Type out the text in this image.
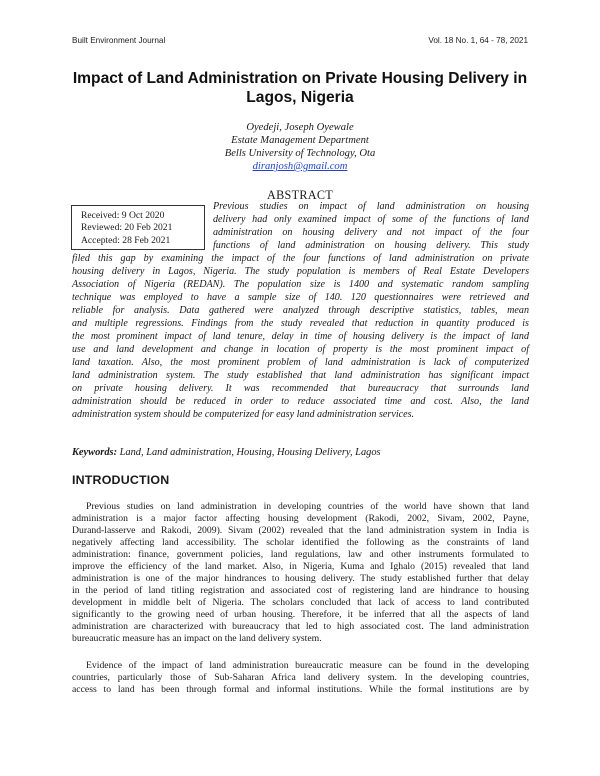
Built Environment Journal	Vol. 18 No. 1, 64 - 78, 2021
Impact of Land Administration on Private Housing Delivery in Lagos, Nigeria
Oyedeji, Joseph Oyewale
Estate Management Department
Bells University of Technology, Ota
diranjosh@gmail.com
ABSTRACT
Received: 9 Oct 2020
Reviewed: 20 Feb 2021
Accepted: 28 Feb 2021
Previous studies on impact of land administration on housing
delivery had only examined impact of some of the functions of land
administration on housing delivery and not impact of the four
functions of land administration on housing delivery. This study
filed this gap by examining the impact of the four functions of land administration on private
housing delivery in Lagos, Nigeria. The study population is members of Real Estate Developers
Association of Nigeria (REDAN). The population size is 1400 and systematic random sampling
technique was employed to have a sample size of 140. 120 questionnaires were retrieved and
reliable for analysis. Data gathered were analyzed through descriptive statistics, tables, mean
and multiple regressions. Findings from the study revealed that reduction in quantity produced is
the most prominent impact of land tenure, delay in time of housing delivery is the impact of land
use and land development and change in location of property is the most prominent impact of
land taxation. Also, the most prominent problem of land administration is lack of computerized
land administration system. The study established that land administration has significant impact
on private housing delivery. It was recommended that bureaucracy that surrounds land
administration should be reduced in order to reduce associated time and cost. Also, the land
administration system should be computerized for easy land administration services.
Keywords: Land, Land administration, Housing, Housing Delivery, Lagos
INTRODUCTION
Previous studies on land administration in developing countries of the world have shown that land
administration is a major factor affecting housing development (Rakodi, 2002, Sivam, 2002, Payne,
Durand-lasserve and Rakodi, 2009). Sivam (2002) revealed that the land administration system in India is
negatively affecting land accessibility. The scholar identified the following as the constraints of land
administration: finance, government policies, land regulations, law and other instruments formulated to
improve the efficiency of the land market. Also, in Nigeria, Kuma and Ighalo (2015) revealed that land
administration is one of the major hindrances to housing delivery. The study established further that delay
in the period of land titling registration and associated cost of registering land are hindrance to housing
development in middle belt of Nigeria. The scholars concluded that lack of access to land contributed
significantly to the growing need of urban housing. Therefore, it be inferred that all the aspects of land
administration are characterized with bureaucracy that led to high associated cost. The land administration
bureaucratic measure has an impact on the land delivery system.
Evidence of the impact of land administration bureaucratic measure can be found in the developing
countries, particularly those of Sub-Saharan Africa land delivery system. In the developing countries,
access to land has been through formal and informal institutions. While the formal institutions are by
